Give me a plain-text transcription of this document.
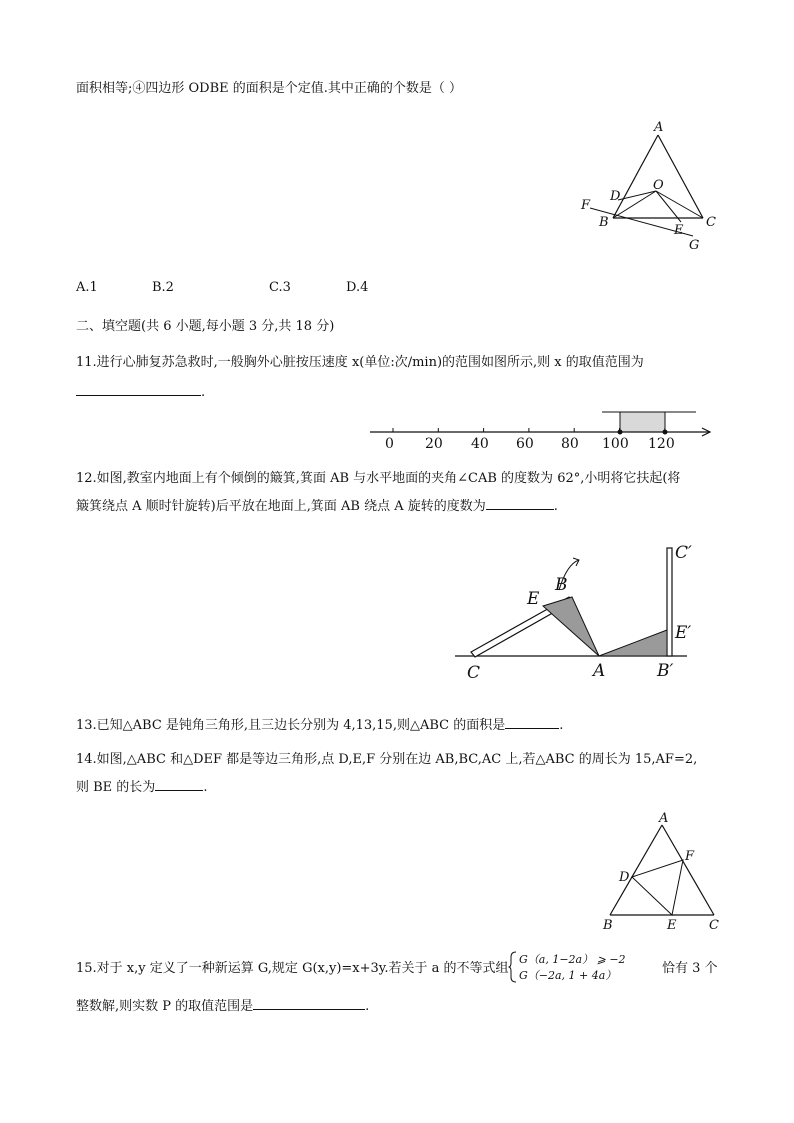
面积相等;④四边形 ODBE 的面积是个定值.其中正确的个数是（ ）
A
B	C
D
E
F
G
O
A.1	B.2	C.3	D.4
二、填空题(共 6 小题,每小题 3 分,共 18 分)
11.进行心肺复苏急救时,一般胸外心脏按压速度 x(单位:次/min)的范围如图所示,则 x 的取值范围为
.
0 20 40 60 80 100 120
12.如图,教室内地面上有个倾倒的簸箕,箕面 AB 与水平地面的夹角∠CAB 的度数为 62°,小明将它扶起(将
簸箕绕点 A 顺时针旋转)后平放在地面上,箕面 AB 绕点 A 旋转的度数为	.
C
E
B
A	B′
E′
C′
13.已知△ABC 是钝角三角形,且三边长分别为 4,13,15,则△ABC 的面积是	.
14.如图,△ABC 和△DEF 都是等边三角形,点 D,E,F 分别在边 AB,BC,AC 上,若△ABC 的周长为 15,AF=2,
则 BE 的长为	.
A
B	C
D
E
F
15.对于 x,y 定义了一种新运算 G,规定 G(x,y)=x+3y.若关于 a 的不等式组
G（a, 1−2a） ⩾ −2
G（−2a, 1 + 4a）	恰有 3 个
整数解,则实数 P 的取值范围是	.
